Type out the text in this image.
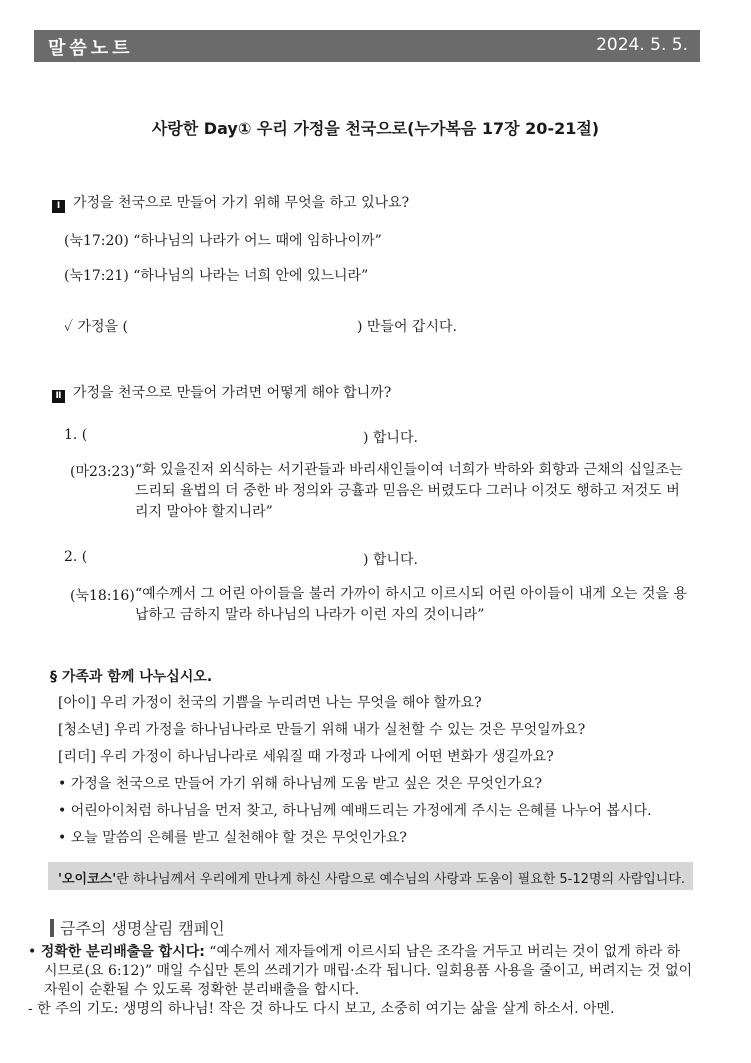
말씀노트	2024. 5. 5.
사랑한 Day① 우리 가정을 천국으로(누가복음 17장 20-21절)
Ⅰ 가정을 천국으로 만들어 가기 위해 무엇을 하고 있나요?
(눅17:20) “하나님의 나라가 어느 때에 임하나이까”
(눅17:21) “하나님의 나라는 너희 안에 있느니라”
✓ 가정을 (	) 만들어 갑시다.
Ⅱ 가정을 천국으로 만들어 가려면 어떻게 해야 합니까?
1. (	) 합니다.
(마23:23) “화 있을진저 외식하는 서기관들과 바리새인들이여 너희가 박하와 회향과 근채의 십일조는 드리되 율법의 더 중한 바 정의와 긍휼과 믿음은 버렸도다 그러나 이것도 행하고 저것도 버리지 말아야 할지니라”
2. (	) 합니다.
(눅18:16) “예수께서 그 어린 아이들을 불러 가까이 하시고 이르시되 어린 아이들이 내게 오는 것을 용납하고 금하지 말라 하나님의 나라가 이런 자의 것이니라”
§ 가족과 함께 나누십시오.
[아이] 우리 가정이 천국의 기쁨을 누리려면 나는 무엇을 해야 할까요?
[청소년] 우리 가정을 하나님나라로 만들기 위해 내가 실천할 수 있는 것은 무엇일까요?
[리더] 우리 가정이 하나님나라로 세워질 때 가정과 나에게 어떤 변화가 생길까요?
• 가정을 천국으로 만들어 가기 위해 하나님께 도움 받고 싶은 것은 무엇인가요?
• 어린아이처럼 하나님을 먼저 찾고, 하나님께 예배드리는 가정에게 주시는 은혜를 나누어 봅시다.
• 오늘 말씀의 은혜를 받고 실천해야 할 것은 무엇인가요?
'오이코스'란 하나님께서 우리에게 만나게 하신 사람으로 예수님의 사랑과 도움이 필요한 5-12명의 사람입니다.
금주의 생명살림 캠페인
• 정확한 분리배출을 합시다: “예수께서 제자들에게 이르시되 남은 조각을 거두고 버리는 것이 없게 하라 하시므로(요 6:12)” 매일 수십만 톤의 쓰레기가 매립·소각 됩니다. 일회용품 사용을 줄이고, 버려지는 것 없이 자원이 순환될 수 있도록 정확한 분리배출을 합시다.
- 한 주의 기도: 생명의 하나님! 작은 것 하나도 다시 보고, 소중히 여기는 삶을 살게 하소서. 아멘.
